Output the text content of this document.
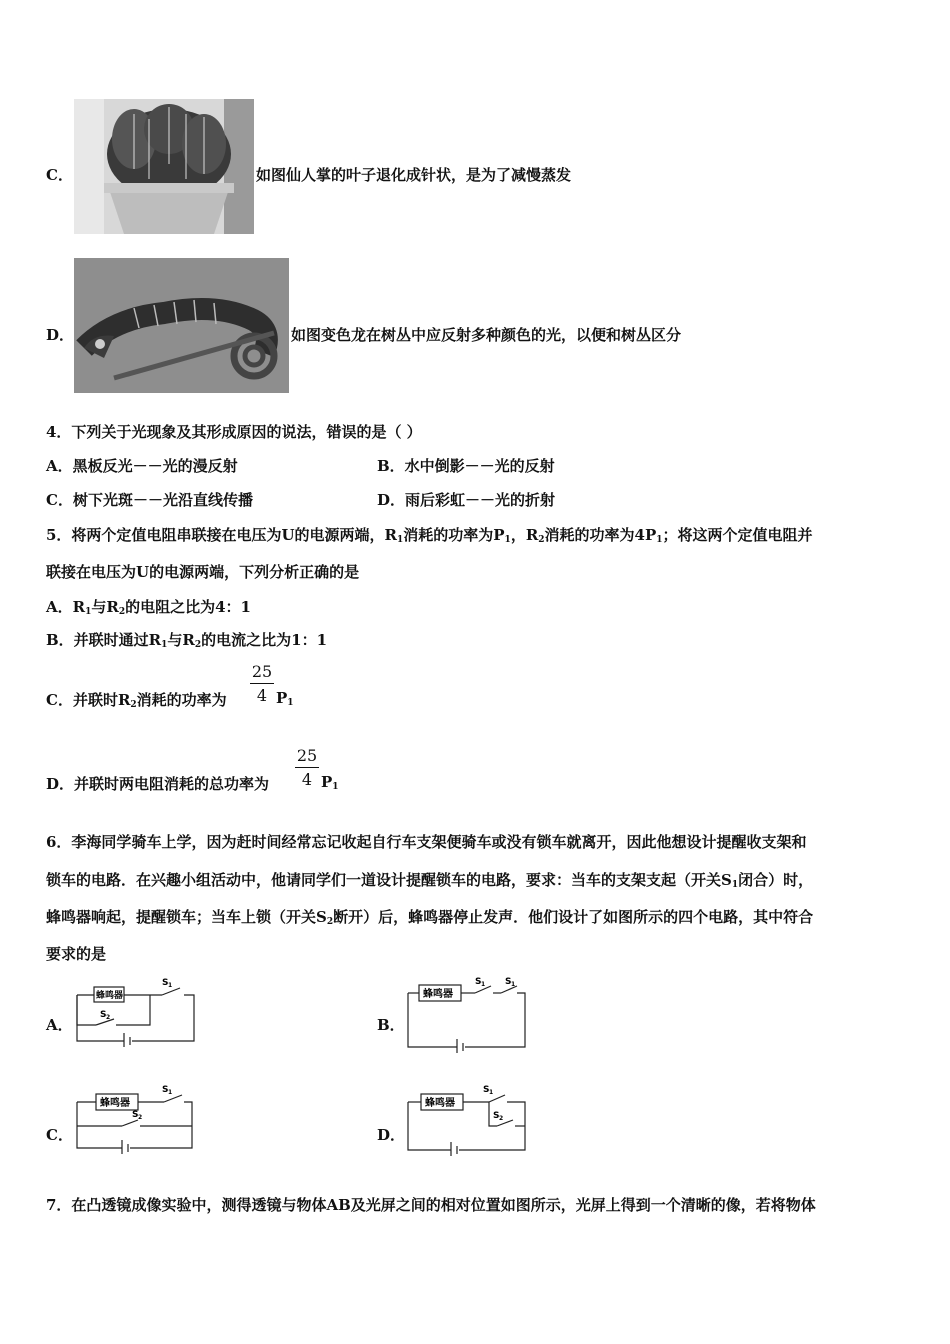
C．	如图仙人掌的叶子退化成针状，是为了减慢蒸发
D．	如图变色龙在树丛中应反射多种颜色的光，以便和树丛区分
4．下列关于光现象及其形成原因的说法，错误的是（ ）
A．黑板反光－－光的漫反射	B．水中倒影－－光的反射
C．树下光斑－－光沿直线传播	D．雨后彩虹－－光的折射
5．将两个定值电阻串联接在电压为U的电源两端，$R_1$消耗的功率为$P_1$，$R_2$消耗的功率为$4P_1$；将这两个定值电阻并
联接在电压为U的电源两端，下列分析正确的是
A．$R_1$与$R_2$的电阻之比为4：1
B．并联时通过$R_1$与$R_2$的电流之比为1：1
C．并联时$R_2$消耗的功率为
25
4 $P_1$
D．并联时两电阻消耗的总功率为
25
4 $P_1$
6．李海同学骑车上学，因为赶时间经常忘记收起自行车支架便骑车或没有锁车就离开，因此他想设计提醒收支架和
锁车的电路．在兴趣小组活动中，他请同学们一道设计提醒锁车的电路，要求：当车的支架支起（开关$S_1$闭合）时，
蜂鸣器响起，提醒锁车；当车上锁（开关$S_2$断开）后，蜂鸣器停止发声．他们设计了如图所示的四个电路，其中符合
要求的是
A．
蜂鸣器
S 1
S 2	B．
蜂鸣器
S 1 S 1
C．
蜂鸣器
S 1
S 2
D．
蜂鸣器
S 1
S 2
7．在凸透镜成像实验中，测得透镜与物体AB及光屏之间的相对位置如图所示，光屏上得到一个清晰的像，若将物体
